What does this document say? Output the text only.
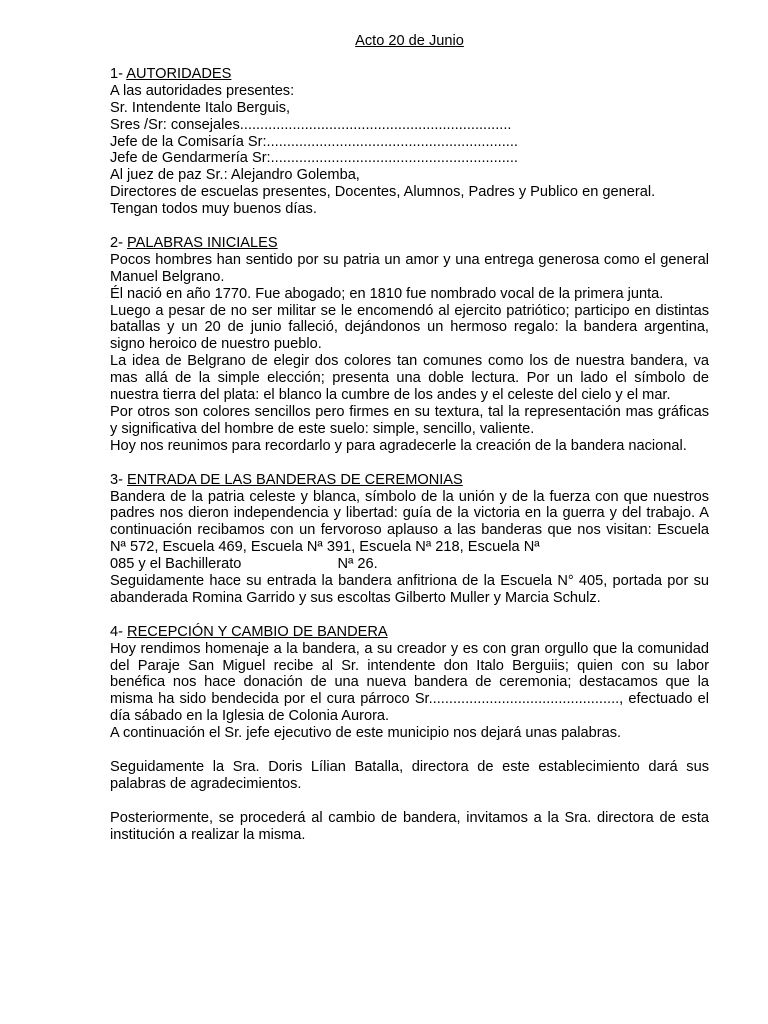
Acto 20 de Junio

1- AUTORIDADES

A las autoridades presentes:
Sr. Intendente Italo Berguis,
Sres /Sr: consejales...................................................................
Jefe de la Comisaría Sr:..............................................................
Jefe de Gendarmería Sr:.............................................................
Al juez de paz Sr.: Alejandro Golemba,
Directores de escuelas presentes, Docentes, Alumnos, Padres y Publico en general.
Tengan todos muy buenos días.

2- PALABRAS INICIALES

Pocos hombres han sentido por su patria un amor y una entrega generosa como el general Manuel Belgrano.

Él nació en año 1770. Fue abogado; en 1810 fue nombrado vocal de la primera junta.

Luego a pesar de no ser militar se le encomendó al ejercito patriótico; participo en distintas batallas y un 20 de junio falleció, dejándonos un hermoso regalo: la bandera argentina, signo heroico de nuestro pueblo.

La idea de Belgrano de elegir dos colores tan comunes como los de nuestra bandera, va mas allá de la simple elección; presenta una doble lectura. Por un lado el símbolo de nuestra tierra del plata: el blanco la cumbre de los andes y el celeste del cielo y el mar.

Por otros son colores sencillos pero firmes en su textura, tal la representación mas gráficas y significativa del hombre de este suelo: simple, sencillo, valiente.

Hoy nos reunimos para recordarlo y para agradecerle la creación de la bandera nacional.

3- ENTRADA DE LAS BANDERAS DE CEREMONIAS

Bandera de la patria celeste y blanca, símbolo de la unión y de la fuerza con que nuestros padres nos dieron independencia y libertad: guía de la victoria en la guerra y del trabajo. A continuación recibamos con un fervoroso aplauso a las banderas que nos visitan: Escuela Nª 572, Escuela 469, Escuela Nª 391, Escuela Nª 218, Escuela Nª

085 y el Bachillerato	Nª 26.

Seguidamente hace su entrada la bandera anfitriona de la Escuela N° 405, portada por su abanderada Romina Garrido y sus escoltas Gilberto Muller y Marcia Schulz.

4- RECEPCIÓN Y CAMBIO DE BANDERA

Hoy rendimos homenaje a la bandera, a su creador y es con gran orgullo que la comunidad del Paraje San Miguel recibe al Sr. intendente don Italo Berguiis; quien con su labor benéfica nos hace donación de una nueva bandera de ceremonia; destacamos que la misma ha sido bendecida por el cura párroco Sr..............................................., efectuado el día sábado en la Iglesia de Colonia Aurora.

A continuación el Sr. jefe ejecutivo de este municipio nos dejará unas palabras.

Seguidamente la Sra. Doris Lílian Batalla, directora de este establecimiento dará sus palabras de agradecimientos.

Posteriormente, se procederá al cambio de bandera, invitamos a la Sra. directora de esta institución a realizar la misma.
